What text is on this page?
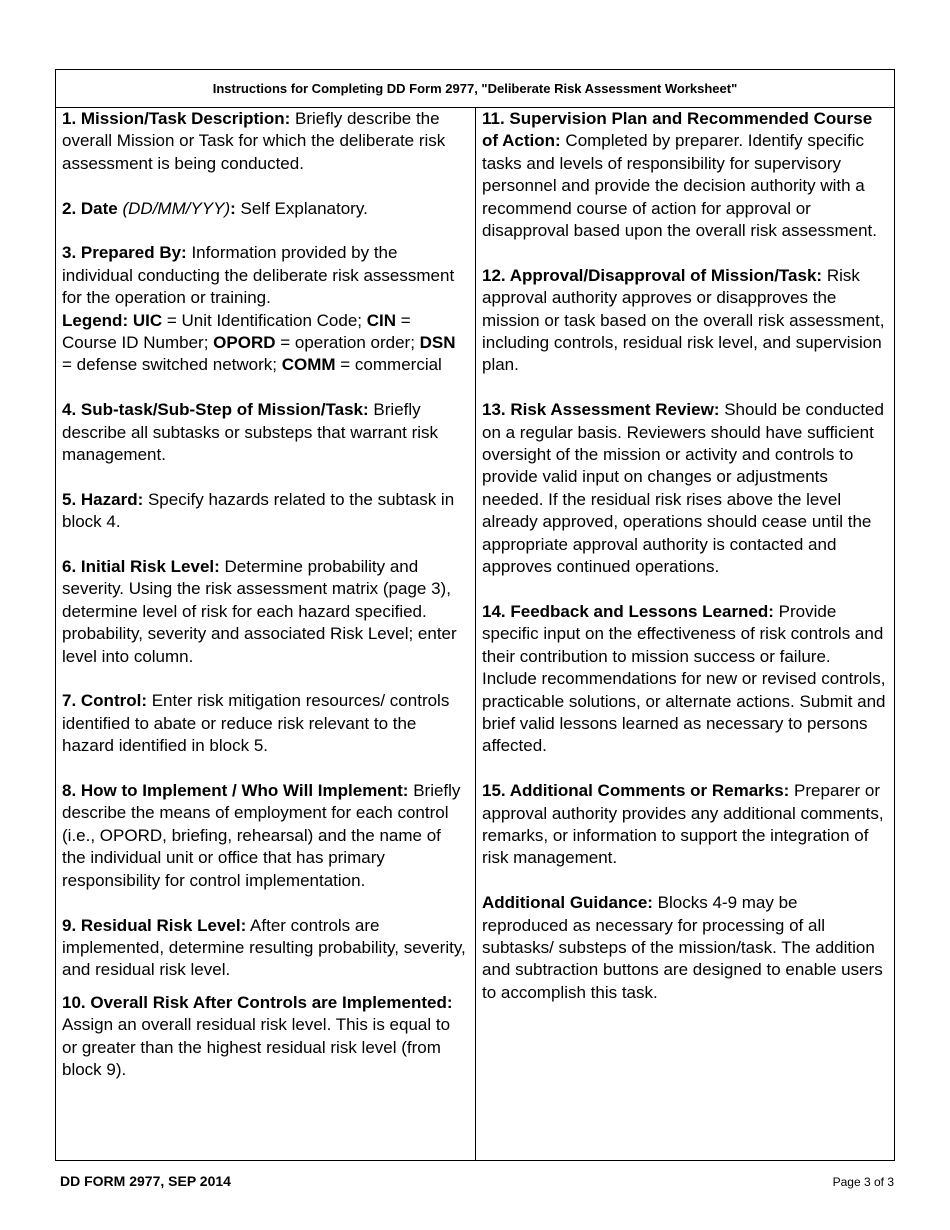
Instructions for Completing DD Form 2977, "Deliberate Risk Assessment Worksheet"

1. Mission/Task Description: Briefly describe the overall Mission or Task for which the deliberate risk assessment is being conducted.

2. Date (DD/MM/YYY): Self Explanatory.

3. Prepared By: Information provided by the individual conducting the deliberate risk assessment for the operation or training.
Legend: UIC = Unit Identification Code; CIN = Course ID Number; OPORD = operation order; DSN = defense switched network; COMM = commercial

4. Sub-task/Sub-Step of Mission/Task: Briefly describe all subtasks or substeps that warrant risk management.

5. Hazard: Specify hazards related to the subtask in block 4.

6. Initial Risk Level: Determine probability and severity. Using the risk assessment matrix (page 3), determine level of risk for each hazard specified. probability, severity and associated Risk Level; enter level into column.

7. Control: Enter risk mitigation resources/ controls identified to abate or reduce risk relevant to the hazard identified in block 5.

8. How to Implement / Who Will Implement: Briefly describe the means of employment for each control (i.e., OPORD, briefing, rehearsal) and the name of the individual unit or office that has primary responsibility for control implementation.

9. Residual Risk Level: After controls are implemented, determine resulting probability, severity, and residual risk level.

10. Overall Risk After Controls are Implemented: Assign an overall residual risk level. This is equal to or greater than the highest residual risk level (from block 9).

11. Supervision Plan and Recommended Course of Action: Completed by preparer. Identify specific tasks and levels of responsibility for supervisory personnel and provide the decision authority with a recommend course of action for approval or disapproval based upon the overall risk assessment.

12. Approval/Disapproval of Mission/Task: Risk approval authority approves or disapproves the mission or task based on the overall risk assessment, including controls, residual risk level, and supervision plan.

13. Risk Assessment Review: Should be conducted on a regular basis. Reviewers should have sufficient oversight of the mission or activity and controls to provide valid input on changes or adjustments needed. If the residual risk rises above the level already approved, operations should cease until the appropriate approval authority is contacted and approves continued operations.

14. Feedback and Lessons Learned: Provide specific input on the effectiveness of risk controls and their contribution to mission success or failure. Include recommendations for new or revised controls, practicable solutions, or alternate actions. Submit and brief valid lessons learned as necessary to persons affected.

15. Additional Comments or Remarks: Preparer or approval authority provides any additional comments, remarks, or information to support the integration of risk management.

Additional Guidance: Blocks 4-9 may be reproduced as necessary for processing of all subtasks/ substeps of the mission/task. The addition and subtraction buttons are designed to enable users to accomplish this task.

DD FORM 2977, SEP 2014	Page 3 of 3
